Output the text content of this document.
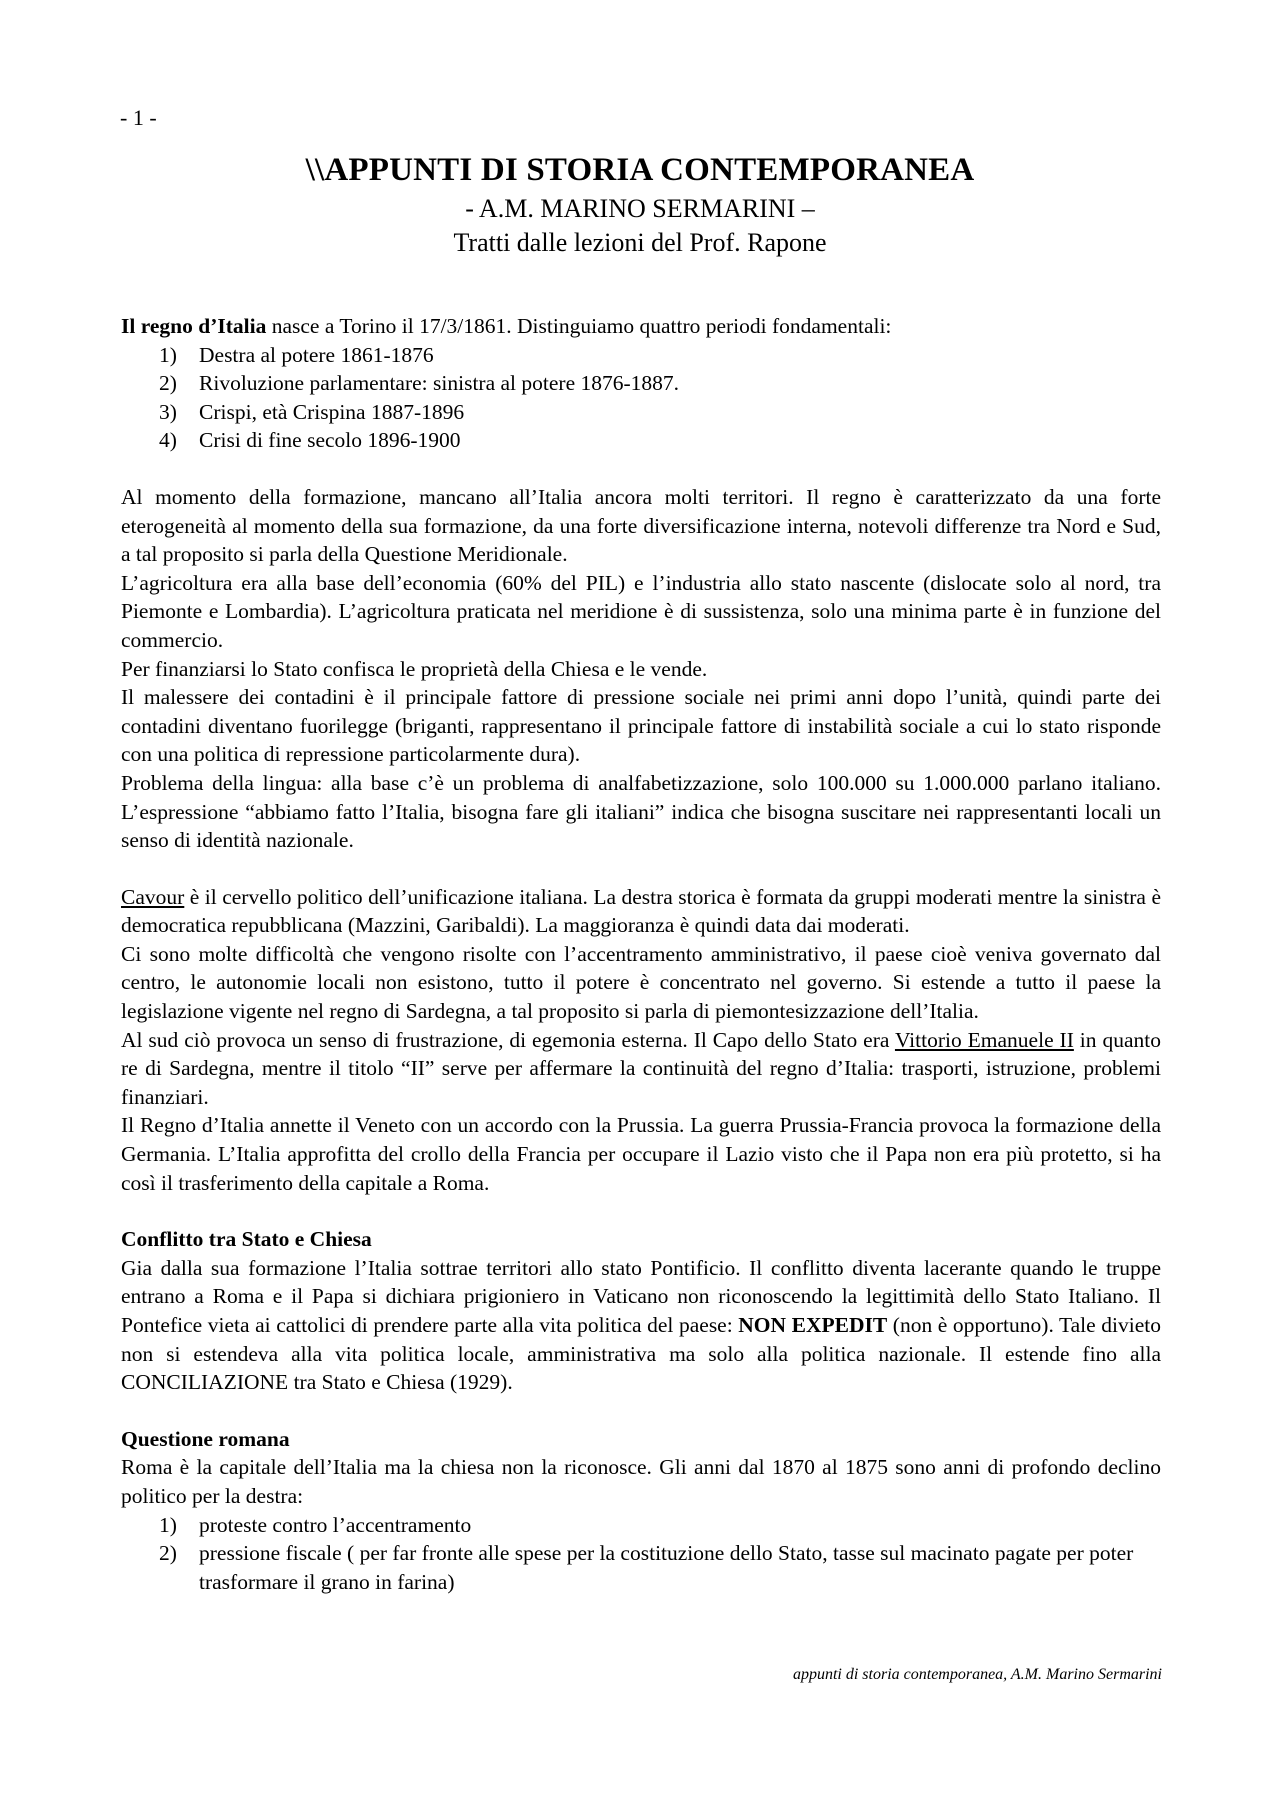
- 1 -
\\APPUNTI DI STORIA CONTEMPORANEA
- A.M. MARINO SERMARINI –
Tratti dalle lezioni del Prof. Rapone

Il regno d’Italia nasce a Torino il 17/3/1861. Distinguiamo quattro periodi fondamentali:

1) Destra al potere 1861-1876
2) Rivoluzione parlamentare: sinistra al potere 1876-1887.
3) Crispi, età Crispina 1887-1896
4) Crisi di fine secolo 1896-1900

Al momento della formazione, mancano all’Italia ancora molti territori. Il regno è caratterizzato da una forte eterogeneità al momento della sua formazione, da una forte diversificazione interna, notevoli differenze tra Nord e Sud, a tal proposito si parla della Questione Meridionale.

L’agricoltura era alla base dell’economia (60% del PIL) e l’industria allo stato nascente (dislocate solo al nord, tra Piemonte e Lombardia). L’agricoltura praticata nel meridione è di sussistenza, solo una minima parte è in funzione del commercio.

Per finanziarsi lo Stato confisca le proprietà della Chiesa e le vende.

Il malessere dei contadini è il principale fattore di pressione sociale nei primi anni dopo l’unità, quindi parte dei contadini diventano fuorilegge (briganti, rappresentano il principale fattore di instabilità sociale a cui lo stato risponde con una politica di repressione particolarmente dura).

Problema della lingua: alla base c’è un problema di analfabetizzazione, solo 100.000 su 1.000.000 parlano italiano. L’espressione “abbiamo fatto l’Italia, bisogna fare gli italiani” indica che bisogna suscitare nei rappresentanti locali un senso di identità nazionale.

Cavour è il cervello politico dell’unificazione italiana. La destra storica è formata da gruppi moderati mentre la sinistra è democratica repubblicana (Mazzini, Garibaldi). La maggioranza è quindi data dai moderati.

Ci sono molte difficoltà che vengono risolte con l’accentramento amministrativo, il paese cioè veniva governato dal centro, le autonomie locali non esistono, tutto il potere è concentrato nel governo. Si estende a tutto il paese la legislazione vigente nel regno di Sardegna, a tal proposito si parla di piemontesizzazione dell’Italia.

Al sud ciò provoca un senso di frustrazione, di egemonia esterna. Il Capo dello Stato era Vittorio Emanuele II in quanto re di Sardegna, mentre il titolo “II” serve per affermare la continuità del regno d’Italia: trasporti, istruzione, problemi finanziari.

Il Regno d’Italia annette il Veneto con un accordo con la Prussia. La guerra Prussia-Francia provoca la formazione della Germania. L’Italia approfitta del crollo della Francia per occupare il Lazio visto che il Papa non era più protetto, si ha così il trasferimento della capitale a Roma.

Conflitto tra Stato e Chiesa

Gia dalla sua formazione l’Italia sottrae territori allo stato Pontificio. Il conflitto diventa lacerante quando le truppe entrano a Roma e il Papa si dichiara prigioniero in Vaticano non riconoscendo la legittimità dello Stato Italiano. Il Pontefice vieta ai cattolici di prendere parte alla vita politica del paese: NON EXPEDIT (non è opportuno). Tale divieto non si estendeva alla vita politica locale, amministrativa ma solo alla politica nazionale. Il estende fino alla CONCILIAZIONE tra Stato e Chiesa (1929).

Questione romana

Roma è la capitale dell’Italia ma la chiesa non la riconosce. Gli anni dal 1870 al 1875 sono anni di profondo declino politico per la destra:

1) proteste contro l’accentramento
2) pressione fiscale ( per far fronte alle spese per la costituzione dello Stato, tasse sul macinato pagate per poter trasformare il grano in farina)
appunti di storia contemporanea, A.M. Marino Sermarini
